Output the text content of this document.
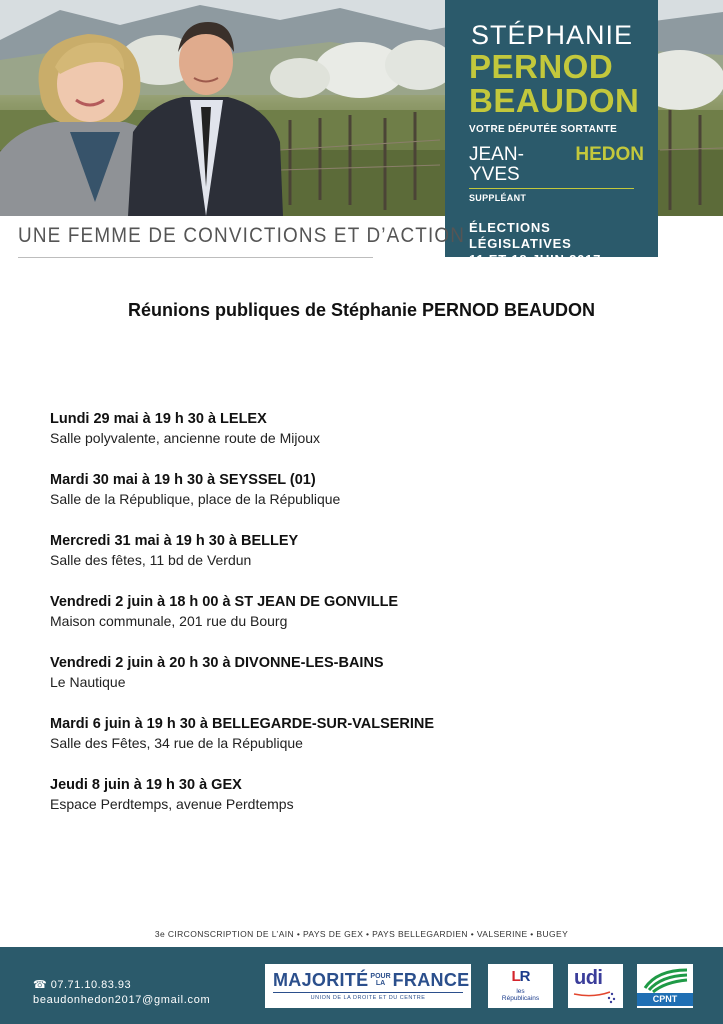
STÉPHANIE
PERNOD
BEAUDON
VOTRE DÉPUTÉE SORTANTE
JEAN-YVES
HEDON
SUPPLÉANT
ÉLECTIONS LÉGISLATIVES
11 ET 18 JUIN 2017
UNE FEMME DE CONVICTIONS ET D’ACTION
Réunions publiques de Stéphanie PERNOD BEAUDON
Lundi 29 mai à 19 h 30 à LELEX
Salle polyvalente, ancienne route de Mijoux
Mardi 30 mai à 19 h 30 à SEYSSEL (01)
Salle de la République, place de la République
Mercredi 31 mai à 19 h 30 à BELLEY
Salle des fêtes, 11 bd de Verdun
Vendredi 2 juin à 18 h 00 à ST JEAN DE GONVILLE
Maison communale, 201 rue du Bourg
Vendredi 2 juin à 20 h 30 à DIVONNE-LES-BAINS
Le Nautique
Mardi 6 juin à 19 h 30 à BELLEGARDE-SUR-VALSERINE
Salle des Fêtes, 34 rue de la République
Jeudi 8 juin à 19 h 30 à GEX
Espace Perdtemps, avenue Perdtemps
3e CIRCONSCRIPTION DE L’AIN • PAYS DE GEX • PAYS BELLEGARDIEN • VALSERINE • BUGEY
☎ 07.71.10.83.93
beaudonhedon2017@gmail.com
MAJORITÉ POUR
LA FRANCE
UNION DE LA DROITE ET DU CENTRE
LR
les
Républicains
udi
CPNT
